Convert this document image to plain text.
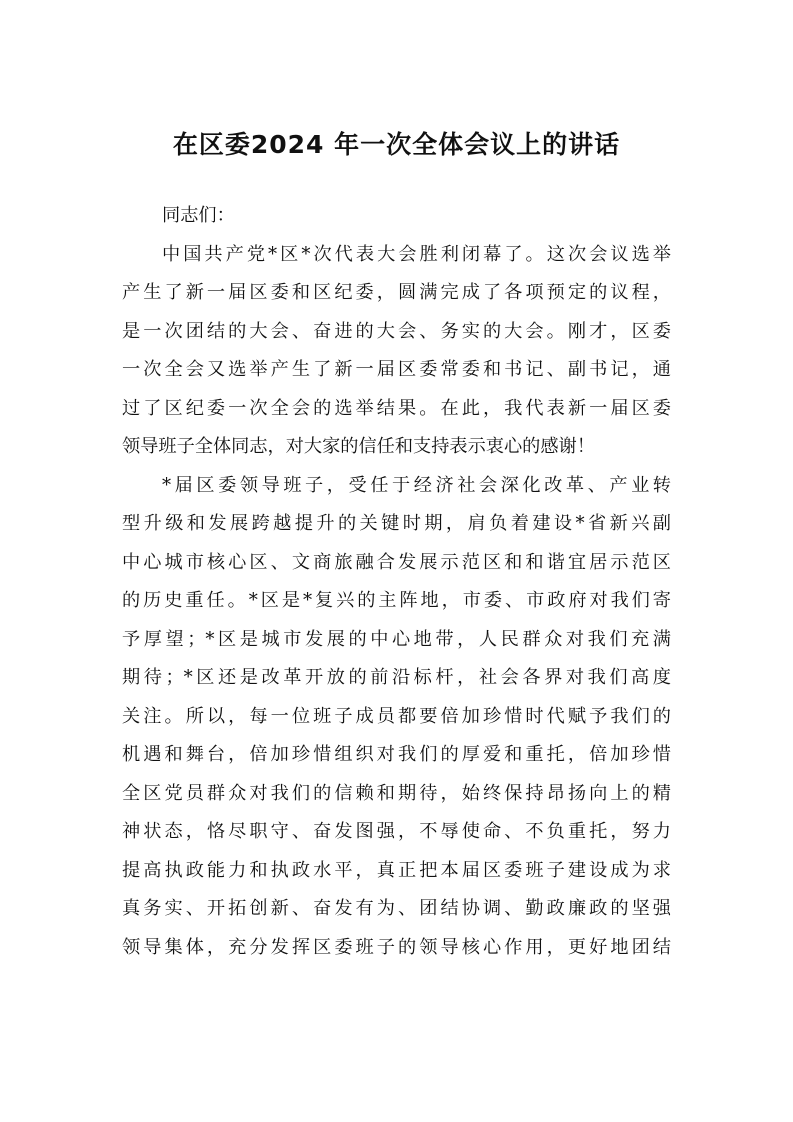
在区委2024 年一次全体会议上的讲话

同志们：

中国共产党*区*次代表大会胜利闭幕了。这次会议选举

产生了新一届区委和区纪委，圆满完成了各项预定的议程，

是一次团结的大会、奋进的大会、务实的大会。刚才，区委

一次全会又选举产生了新一届区委常委和书记、副书记，通

过了区纪委一次全会的选举结果。在此，我代表新一届区委

领导班子全体同志，对大家的信任和支持表示衷心的感谢！

*届区委领导班子，受任于经济社会深化改革、产业转

型升级和发展跨越提升的关键时期，肩负着建设*省新兴副

中心城市核心区、文商旅融合发展示范区和和谐宜居示范区

的历史重任。*区是*复兴的主阵地，市委、市政府对我们寄

予厚望；*区是城市发展的中心地带，人民群众对我们充满

期待；*区还是改革开放的前沿标杆，社会各界对我们高度

关注。所以，每一位班子成员都要倍加珍惜时代赋予我们的

机遇和舞台，倍加珍惜组织对我们的厚爱和重托，倍加珍惜

全区党员群众对我们的信赖和期待，始终保持昂扬向上的精

神状态，恪尽职守、奋发图强，不辱使命、不负重托，努力

提高执政能力和执政水平，真正把本届区委班子建设成为求

真务实、开拓创新、奋发有为、团结协调、勤政廉政的坚强

领导集体，充分发挥区委班子的领导核心作用，更好地团结
